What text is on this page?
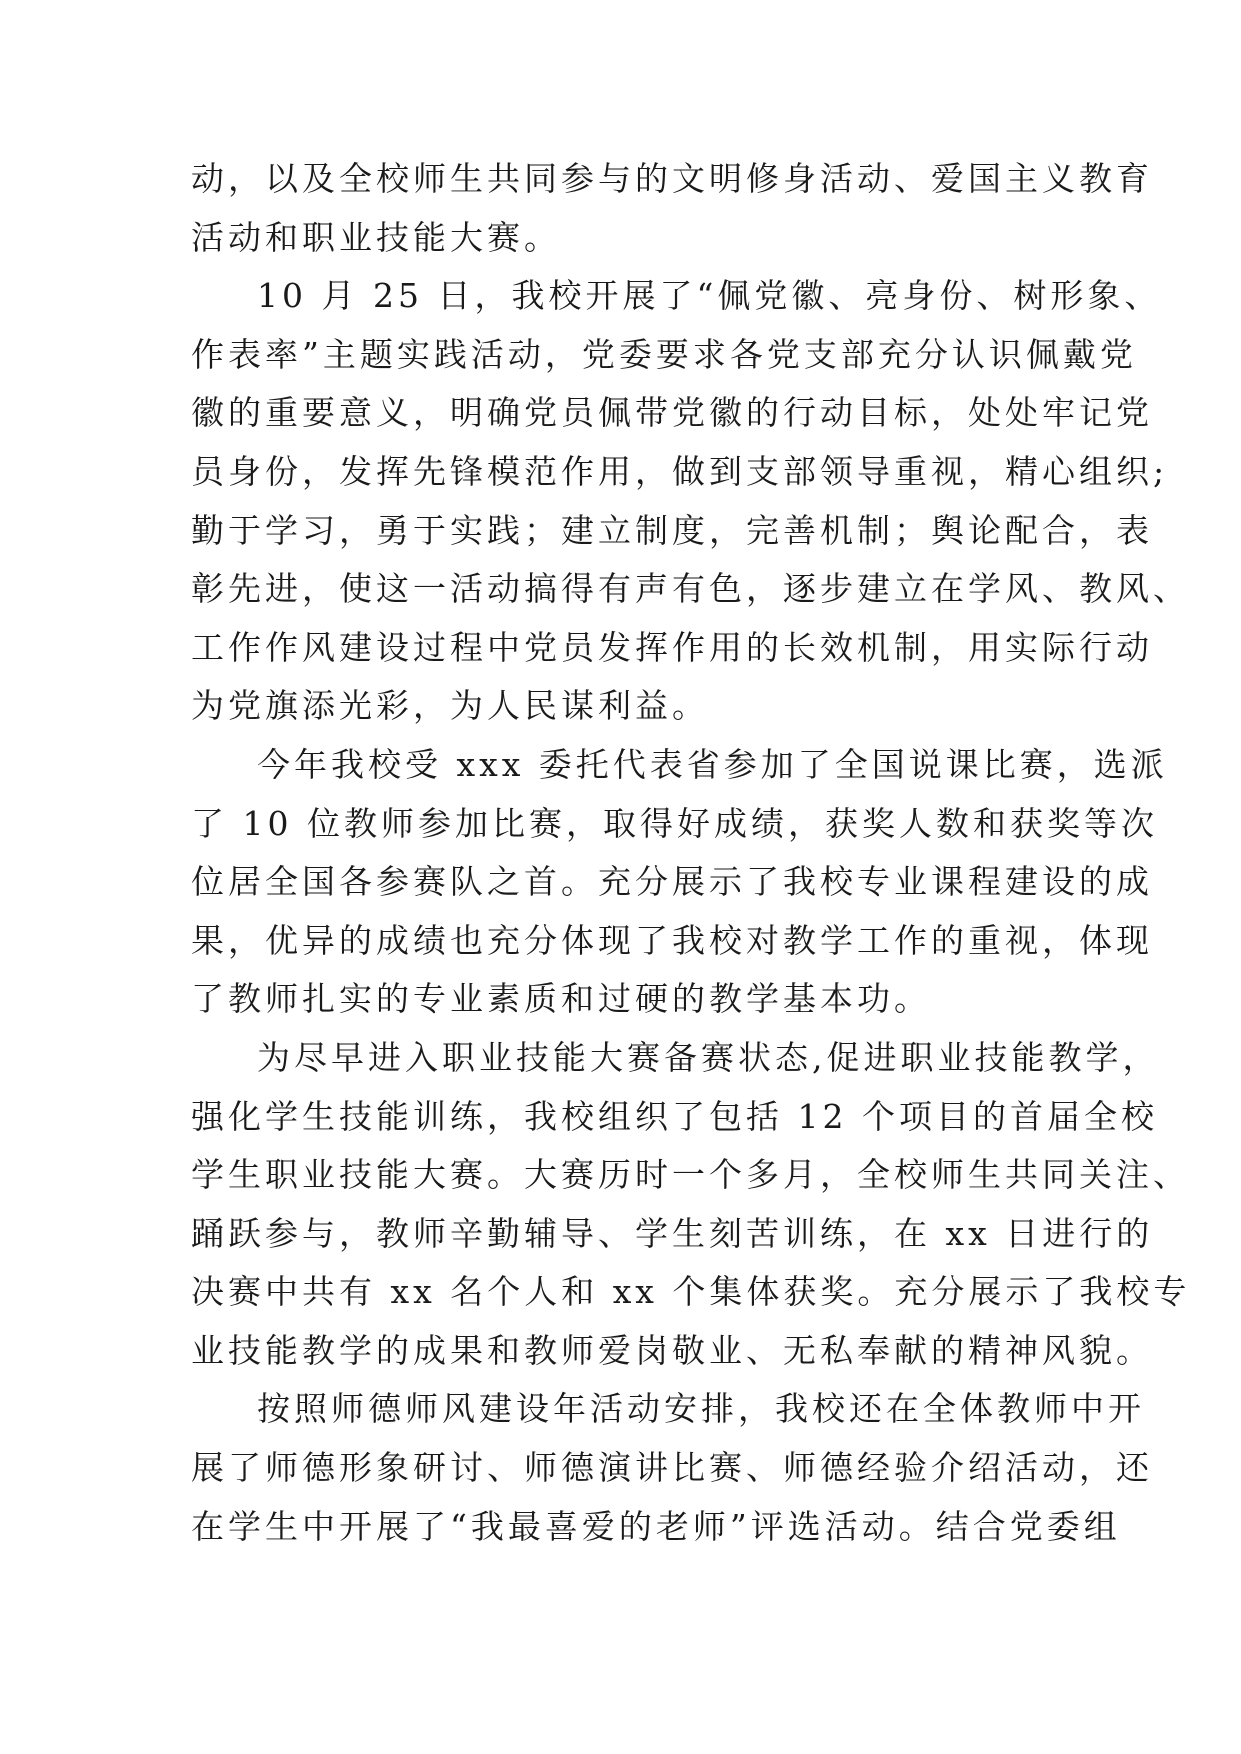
动，以及全校师生共同参与的文明修身活动、爱国主义教育
活动和职业技能大赛。
10 月 25 日，我校开展了“佩党徽、亮身份、树形象、
作表率”主题实践活动，党委要求各党支部充分认识佩戴党
徽的重要意义，明确党员佩带党徽的行动目标，处处牢记党
员身份，发挥先锋模范作用，做到支部领导重视，精心组织;
勤于学习，勇于实践；建立制度，完善机制；舆论配合，表
彰先进，使这一活动搞得有声有色，逐步建立在学风、教风、
工作作风建设过程中党员发挥作用的长效机制，用实际行动
为党旗添光彩，为人民谋利益。
今年我校受 xxx 委托代表省参加了全国说课比赛，选派
了 10 位教师参加比赛，取得好成绩，获奖人数和获奖等次
位居全国各参赛队之首。充分展示了我校专业课程建设的成
果，优异的成绩也充分体现了我校对教学工作的重视，体现
了教师扎实的专业素质和过硬的教学基本功。
为尽早进入职业技能大赛备赛状态,促进职业技能教学，
强化学生技能训练，我校组织了包括 12 个项目的首届全校
学生职业技能大赛。大赛历时一个多月，全校师生共同关注、
踊跃参与，教师辛勤辅导、学生刻苦训练，在 xx 日进行的
决赛中共有 xx 名个人和 xx 个集体获奖。充分展示了我校专
业技能教学的成果和教师爱岗敬业、无私奉献的精神风貌。
按照师德师风建设年活动安排，我校还在全体教师中开
展了师德形象研讨、师德演讲比赛、师德经验介绍活动，还
在学生中开展了“我最喜爱的老师”评选活动。结合党委组
